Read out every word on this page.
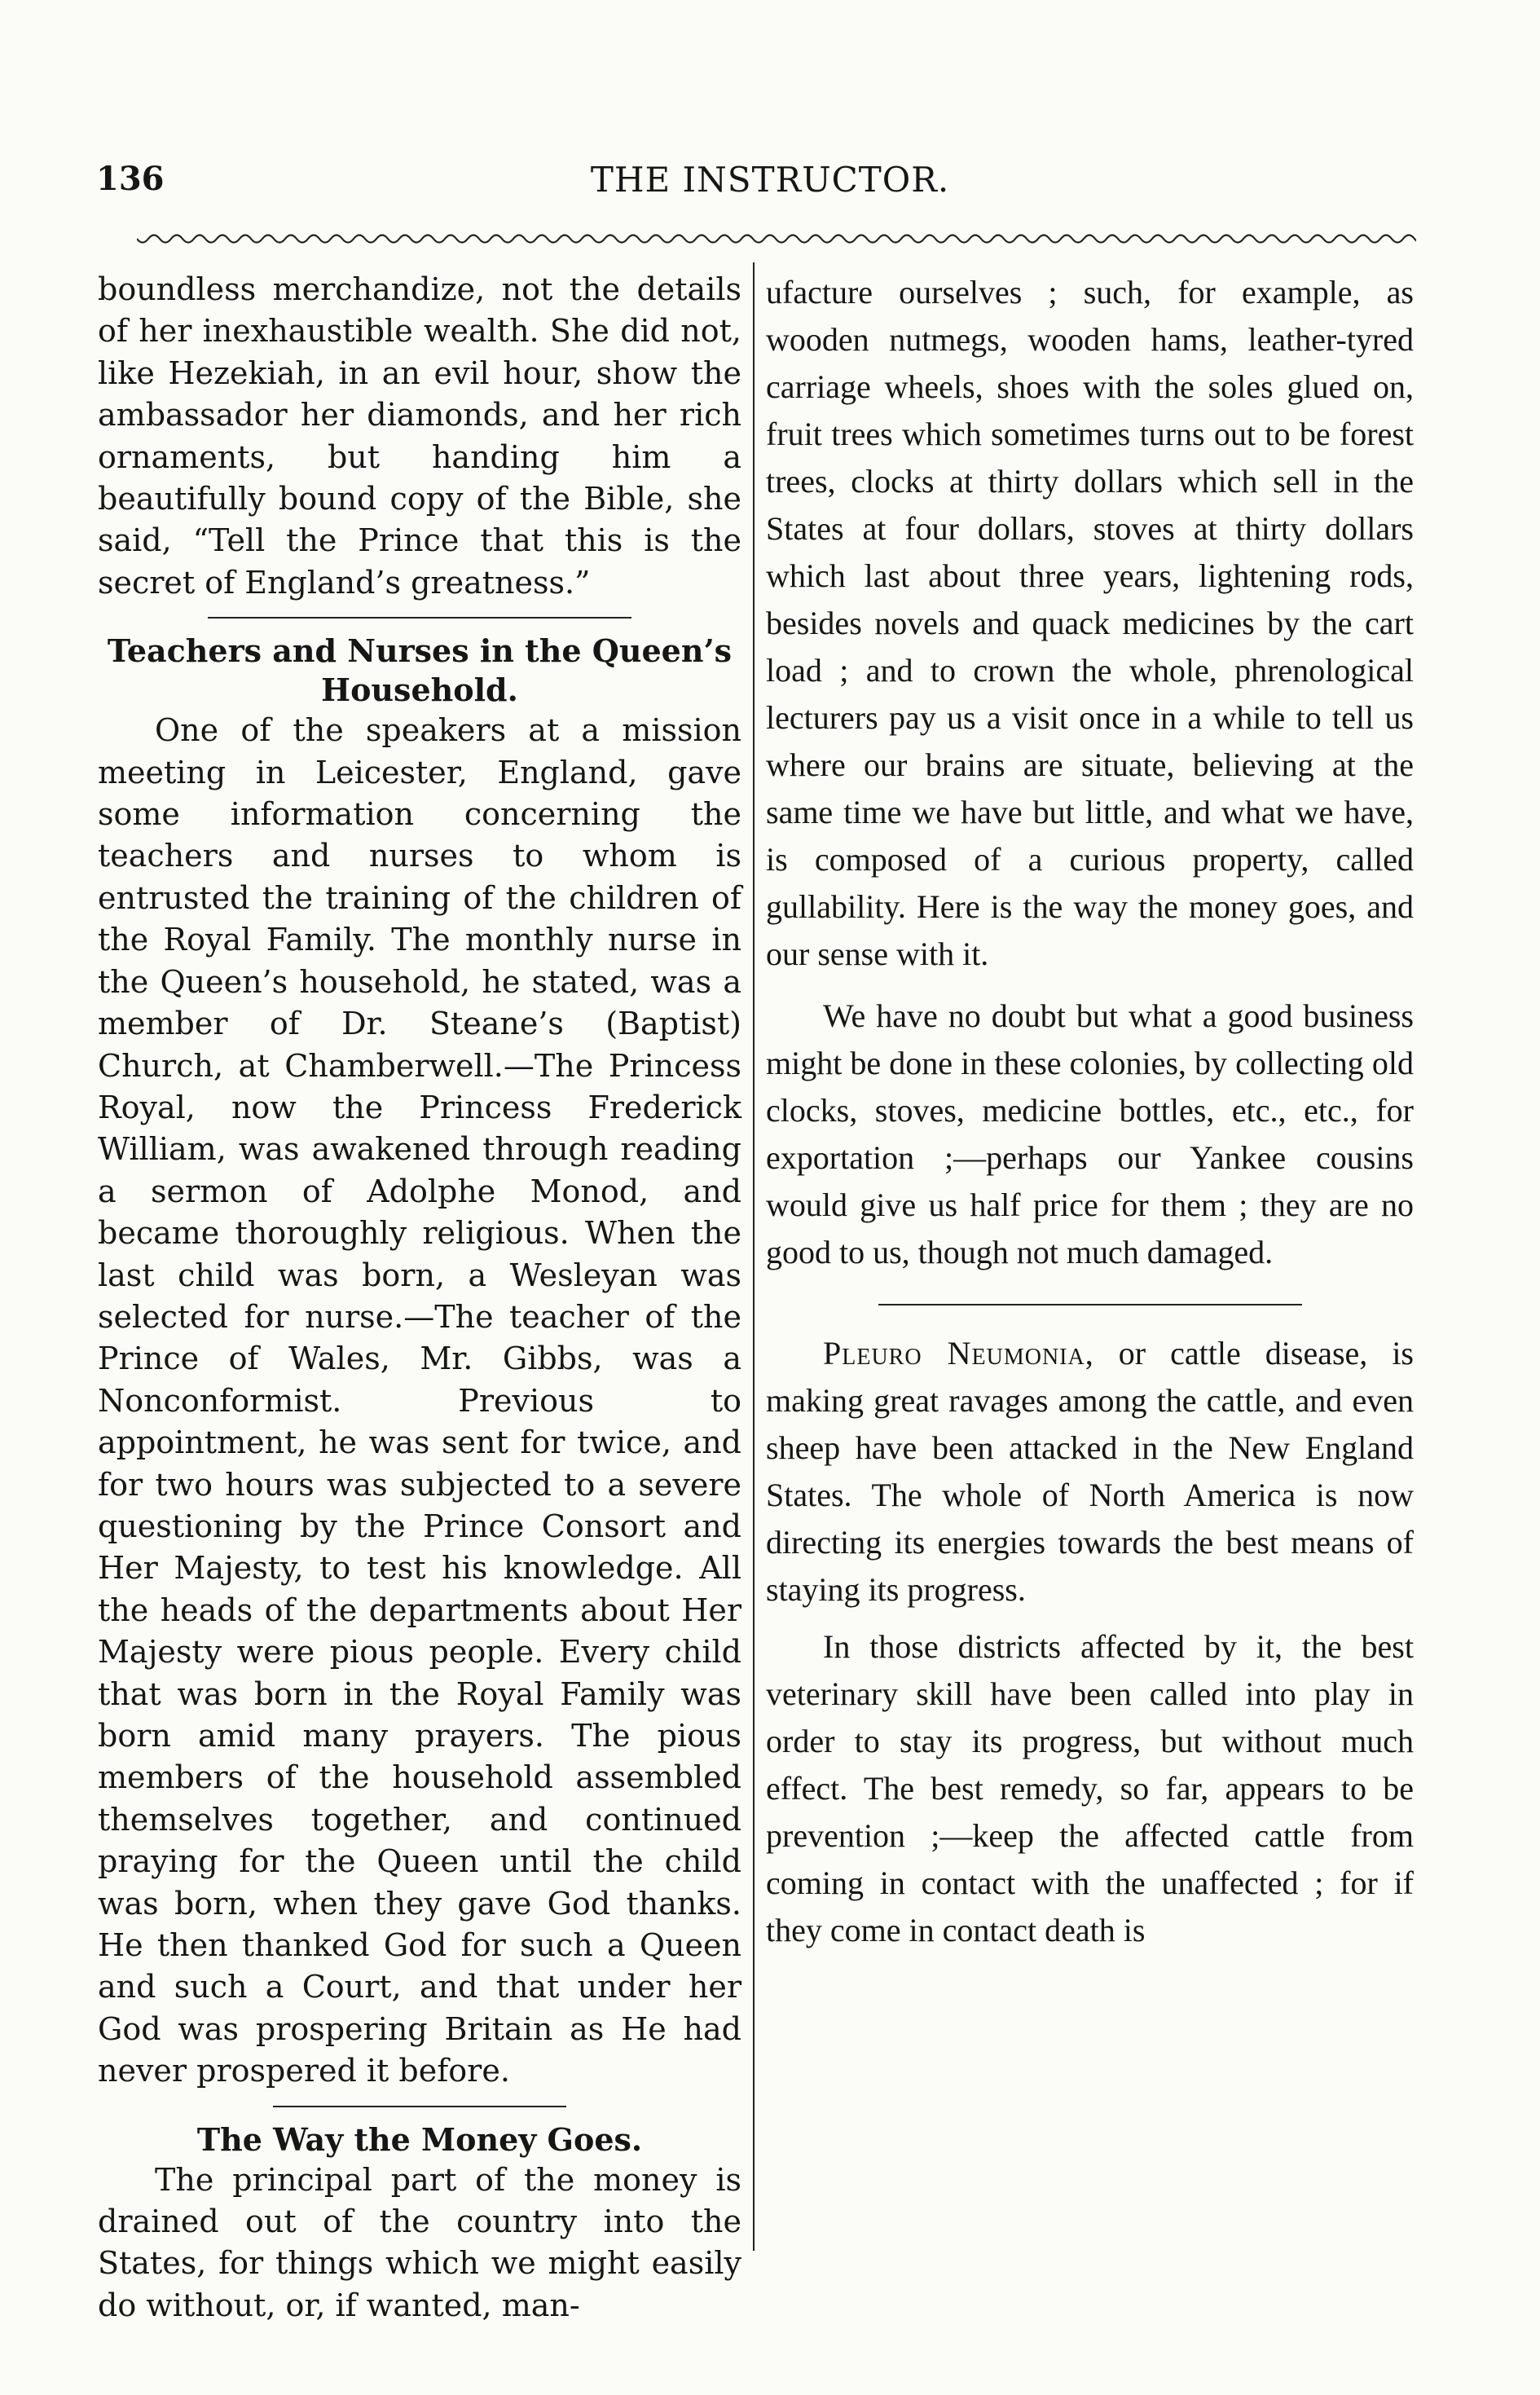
136	THE INSTRUCTOR.

boundless merchandize, not the details of her inexhaustible wealth. She did not, like Hezekiah, in an evil hour, show the ambassador her diamonds, and her rich ornaments, but handing him a beautifully bound copy of the Bible, she said, “Tell the Prince that this is the secret of England’s greatness.”

Teachers and Nurses in the Queen’s Household.

One of the speakers at a mission meeting in Leicester, England, gave some information concerning the teachers and nurses to whom is entrusted the training of the children of the Royal Family. The monthly nurse in the Queen’s household, he stated, was a member of Dr. Steane’s (Baptist) Church, at Chamberwell.—The Princess Royal, now the Princess Frederick William, was awakened through reading a sermon of Adolphe Monod, and became thoroughly religious. When the last child was born, a Wesleyan was selected for nurse.—The teacher of the Prince of Wales, Mr. Gibbs, was a Nonconformist. Previous to appointment, he was sent for twice, and for two hours was subjected to a severe questioning by the Prince Consort and Her Majesty, to test his knowledge. All the heads of the departments about Her Majesty were pious people. Every child that was born in the Royal Family was born amid many prayers. The pious members of the household assembled themselves together, and continued praying for the Queen until the child was born, when they gave God thanks. He then thanked God for such a Queen and such a Court, and that under her God was prospering Britain as He had never prospered it before.

The Way the Money Goes.

The principal part of the money is drained out of the country into the States, for things which we might easily do without, or, if wanted, man-

ufacture ourselves ; such, for example, as wooden nutmegs, wooden hams, leather-tyred carriage wheels, shoes with the soles glued on, fruit trees which sometimes turns out to be forest trees, clocks at thirty dollars which sell in the States at four dollars, stoves at thirty dollars which last about three years, lightening rods, besides novels and quack medicines by the cart load ; and to crown the whole, phrenological lecturers pay us a visit once in a while to tell us where our brains are situate, believing at the same time we have but little, and what we have, is composed of a curious property, called gullability. Here is the way the money goes, and our sense with it.

We have no doubt but what a good business might be done in these colonies, by collecting old clocks, stoves, medicine bottles, etc., etc., for exportation ;—perhaps our Yankee cousins would give us half price for them ; they are no good to us, though not much damaged.

Pleuro Neumonia, or cattle disease, is making great ravages among the cattle, and even sheep have been attacked in the New England States. The whole of North America is now directing its energies towards the best means of staying its progress.

In those districts affected by it, the best veterinary skill have been called into play in order to stay its progress, but without much effect. The best remedy, so far, appears to be prevention ;—keep the affected cattle from coming in contact with the unaffected ; for if they come in contact death is
